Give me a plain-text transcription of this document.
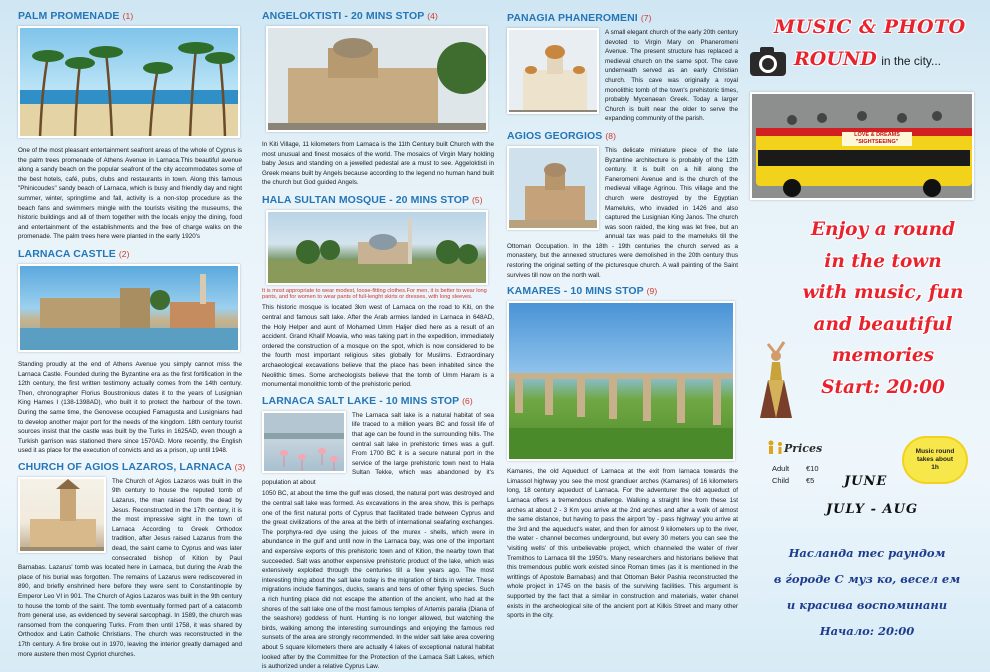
PALM PROMENADE (1)

One of the most pleasant entertainment seafront areas of the whole of Cyprus is the palm trees promenade of Athens Avenue in Larnaca.This beautiful avenue along a sandy beach on the popular seafront of the city accommodates some of the best hotels, café, pubs, clubs and restaurants in town. Along this famous "Phinicoudes" sandy beach of Larnaca, which is busy and friendly day and night summer, winter, springtime and fall, activity is a non-stop procedure as the beach fans and swimmers mingle with the tourists visiting the museums, the historic buildings and all of them together with the locals enjoy the dining, food and entertainment of the establishments and the free of charge walks on the promenade. The palm trees here were planted in the early 1920's

LARNACA CASTLE (2)

Standing proudly at the end of Athens Avenue you simply cannot miss the Larnaca Castle. Founded during the Byzantine era as the first fortification in the 12th century, the first written testimony actually comes from the 14th century. Then, chronographer Florius Boustronious dates it to the years of Lusignian King Hames I (138-1398AD), who built it to protect the harbour of the town. During the same time, the Genovese occupied Famagusta and Lusignians had to develop another major port for the needs of the kingdom. 18th century tourist sources insist that the castle was built by the Turks in 1625AD, even though a Turkish garrison was stationed there since 1570AD. More recently, the English used it as place for the execution of convicts and as a prison, up until 1948.

CHURCH OF AGIOS LAZAROS, LARNACA (3)

The Church of Agios Lazaros was built in the 9th century to house the reputed tomb of Lazarus, the man raised from the dead by Jesus. Reconstructed in the 17th century, it is the most impressive sight in the town of Larnaca According to Greek Orthodox tradition, after Jesus raised Lazarus from the dead, the saint came to Cyprus and was later consecrated bishop of Kition by Paul Barnabas. Lazarus' tomb was located here in Larnaca, but during the Arab the place of his burial was forgotten. The remains of Lazarus were rediscovered in 890, and briefly enshrined here before they were sent to Constantinople by Emperor Leo VI in 901. The Church of Agios Lazaros was built in the 9th century to house the tomb of the saint. The tomb eventually formed part of a catacomb from general use, as evidenced by several sarcophagi. In 1589, the church was ransomed from the conquering Turks. From then until 1758, it was shared by Orthodox and Latin Catholic Christians. The church was reconstructed in the 17th century. A fire broke out in 1970, leaving the interior greatly damaged and more austere then most Cypriot churches.

ANGELOKTISTI - 20 MINS STOP (4)

In Kiti Village, 11 kilometers from Larnaca is the 11th Century built Church with the most unusual and finest mosaics of the world. The mosaics of Virgin Mary holding baby Jesus and standing on a jewelled pedestal are a must to see. Aggeloktisti in Greek means built by Angels because according to the legend no human hand built the church but God guided Angels.

HALA SULTAN MOSQUE - 20 MINS STOP (5)

It is most appropriate to wear modest, loose-fitting clothes.For men, it is better to wear long pants, and for women to wear pants of full-lenght skirts or dresses, with long sleeves.

This historic mosque is located 3km west of Larnaca on the road to Kiti, on the central and famous salt lake. After the Arab armies landed in Larnaca in 648AD, the Holy Helper and aunt of Mohamed Umm Haljer died here as a result of an accident. Grand Khalif Moavia, who was taking part in the expedition, immediately ordered the construction of a mosque on the spot, which is now considered to be the fourth most important religious sites globally for Muslims. Extraordinary archaeological excavations believe that the place has been inhabited since the Neolithic times. Some archeologists believe that the tomb of Umm Haram is a monumental monolithic tomb of the prehistoric period.

LARNACA SALT LAKE - 10 MINS STOP (6)

The Larnaca salt lake is a natural habitat of sea life traced to a million years BC and fossil life of that age can be found in the surrounding hills. The central salt lake in prehistoric times was a gulf. From 1700 BC it is a secure natural port in the service of the large prehistoric town next to Hala Sultan Tekke, which was abandoned by it's population at about

1050 BC, at about the time the gulf was closed, the natural port was destroyed and the central salt lake was formed. As excavations in the area show, this is perhaps one of the first natural ports of Cyprus that facilitated trade between Cyprus and the great civilizations of the area at the birth of international seafaring exchanges. The porphyra-red dye using the juices of the murex - shells, which were in abundance in the gulf and until now in the Larnaca bay, was one of the important and expensive exports of this prehistoric town and of Kition, the nearby town that succeeded. Salt was another expensive prehistoric product of the lake, which was extensively exploited through the centuries till a few years ago. The most interesting thing about the salt lake today is the migration of birds in winter. These migrations include flamingos, ducks, swans and tens of other flying species. Such a rich hunting place did not escape the attention of the ancient, who had at the shores of the salt lake one of the most famous temples of Artemis paralia (Diana of the seashore) goddess of hunt. Hunting is no longer allowed, but watching the birds, walking among the interesting surroundings and enjoying the famous red sunsets of the area are strongly recommended. In the wider salt lake area covering about 5 square kilometers there are actually 4 lakes of exceptional natural habitat looked after by the Committee for the Protection of the Larnaca Salt Lakes, which is authorized under a relative Cyprus Law.

PANAGIA PHANEROMENI (7)

A small elegant church of the early 20th century devoted to Virgin Mary on Phaneromeni Avenue. The present structure has replaced a medieval church on the same spot. The cave underneath served as an early Christian church. This cave was originally a royal monolithic tomb of the town's prehistoric times, probably Mycenaean Greek. Today a larger Church is built near the older to serve the expanding community of the parish.

AGIOS GEORGIOS (8)

This delicate miniature piece of the late Byzantine architecture is probably of the 12th century. It is built on a hill along the Faneromeni Avenue and is the church of the medieval village Agrinou. This village and the church were destroyed by the Egyptian Mameluks, who invaded in 1426 and also captured the Lusignian King Janos. The church was soon raided, the king was let free, but an annual tax was paid to the mameluks till the Ottoman Occupation. In the 18th - 19th centuries the church served as a monastery, but the annexed structures were demolished in the 20th century thus restoring the original setting of the picturesque church. A wall painting of the Saint survives till now on the north wall.

KAMARES - 10 MINS STOP (9)

Kamares, the old Aqueduct of Larnaca at the exit from larnaca towards the Limassol highway you see the most grandiuer arches (Kamares) of 16 kilometers long, 18 century aqueduct of Larnaca. For the adventurer the old aqueduct of Larnaca offers a tremendous challenge. Walking a straight line from these 1st arches at about 2 - 3 Km you arrive at the 2nd arches and after a walk of almost the same distance, but having to pass the airport 'by - pass highway' you arrive at the 3rd and the aqueduct's water, and then for almost 9 kilometers up to the river, the water - channel becomes underground, but every 30 meters you can see the 'visiting wells' of this unbelievable project, which channeled the water of river Tremithos to Larnaca till the 1950's. Many researchers and historians believe that this tremendous public work existed since Roman times (as it is mentioned in the writtings of Apostole Barnabas) and that Ottoman Bekir Pashia reconstructed the whole project in 1745 on the basis of the surviving facilities. This argument is supported by the fact that a similar in construction and materials, water chanel exists in the archeological site of the ancient port at Kilkis Street and many other sports in the city.

MUSIC & PHOTO
ROUND in the city...
LOVE & DREAMS
"SIGHTSEEING"
Enjoy a round
in the town
with music, fun
and beautiful
memories
Start: 20:00
Prices
Adult €10
Child €5
Music round
takes about
1h
JUNE
JULY - AUG
Насланда тес раундом
в ѓороде С муз ко, весел ем
и красива воспоминани
Начало: 20:00
